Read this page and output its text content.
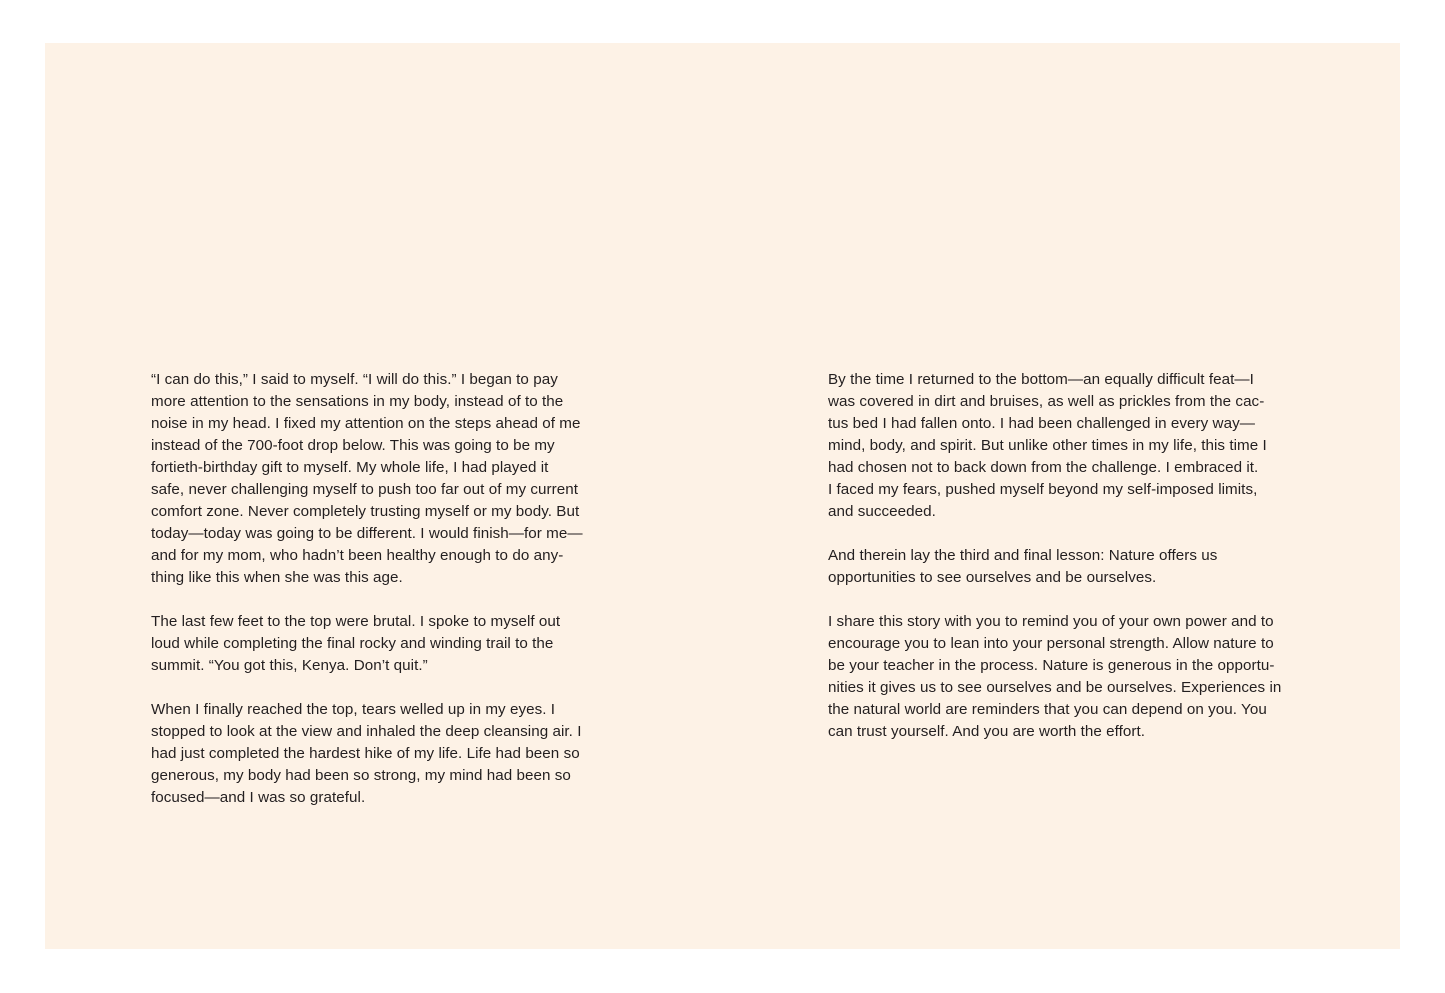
“I can do this,” I said to myself. “I will do this.” I began to pay
more attention to the sensations in my body, instead of to the
noise in my head. I fixed my attention on the steps ahead of me
instead of the 700-foot drop below. This was going to be my
fortieth-birthday gift to myself. My whole life, I had played it
safe, never challenging myself to push too far out of my current
comfort zone. Never completely trusting myself or my body. But
today—today was going to be different. I would finish—for me—
and for my mom, who hadn’t been healthy enough to do any-
thing like this when she was this age.

The last few feet to the top were brutal. I spoke to myself out
loud while completing the final rocky and winding trail to the
summit. “You got this, Kenya. Don’t quit.”

When I finally reached the top, tears welled up in my eyes. I
stopped to look at the view and inhaled the deep cleansing air. I
had just completed the hardest hike of my life. Life had been so
generous, my body had been so strong, my mind had been so
focused—and I was so grateful.

By the time I returned to the bottom—an equally difficult feat—I
was covered in dirt and bruises, as well as prickles from the cac-
tus bed I had fallen onto. I had been challenged in every way—
mind, body, and spirit. But unlike other times in my life, this time I
had chosen not to back down from the challenge. I embraced it.
I faced my fears, pushed myself beyond my self-imposed limits,
and succeeded.

And therein lay the third and final lesson: Nature offers us
opportunities to see ourselves and be ourselves.

I share this story with you to remind you of your own power and to
encourage you to lean into your personal strength. Allow nature to
be your teacher in the process. Nature is generous in the opportu-
nities it gives us to see ourselves and be ourselves. Experiences in
the natural world are reminders that you can depend on you. You
can trust yourself. And you are worth the effort.
